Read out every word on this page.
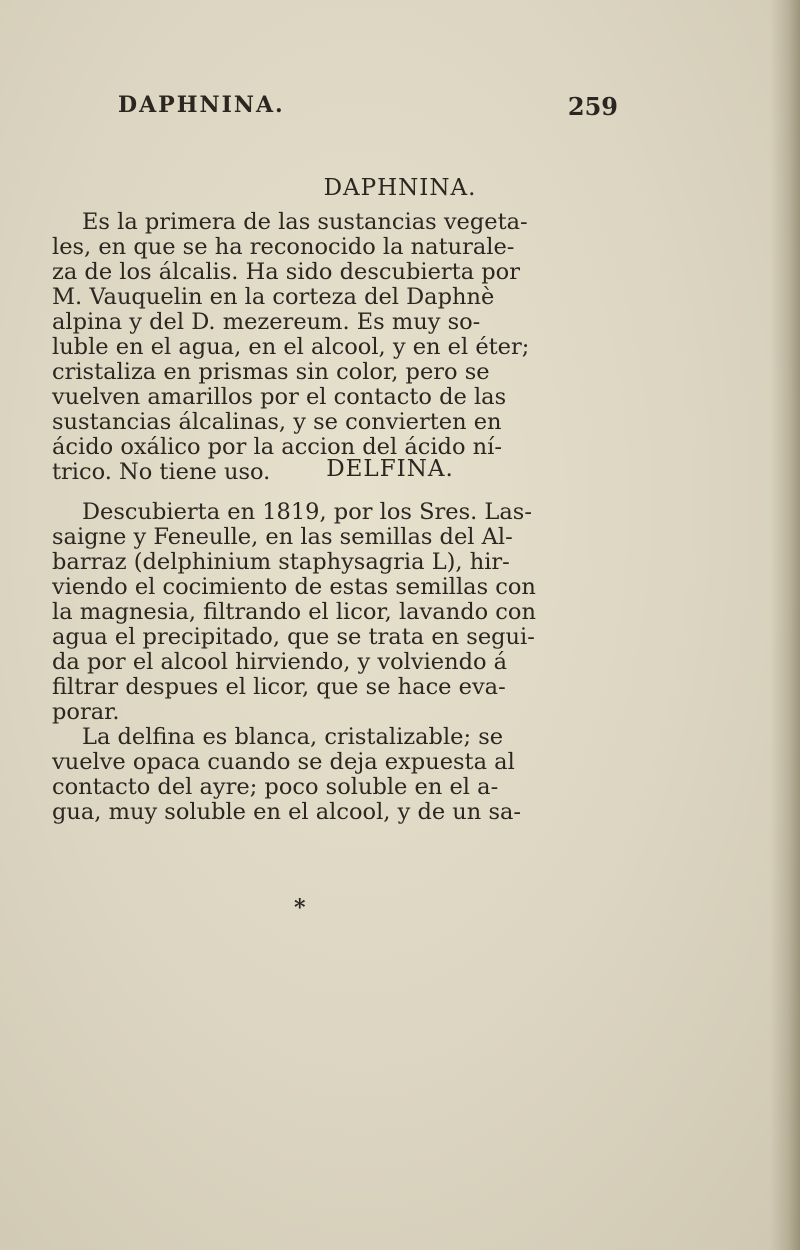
DAPHNINA.	259
DAPHNINA.
Es la primera de las sustancias vegeta-
les, en que se ha reconocido la naturale-
za de los álcalis. Ha sido descubierta por
M. Vauquelin en la corteza del Daphnè
alpina y del D. mezereum. Es muy so-
luble en el agua, en el alcool, y en el éter;
cristaliza en prismas sin color, pero se
vuelven amarillos por el contacto de las
sustancias álcalinas, y se convierten en
ácido oxálico por la accion del ácido ní-
trico. No tiene uso.	DELFINA.
Descubierta en 1819, por los Sres. Las-
saigne y Feneulle, en las semillas del Al-
barraz (delphinium staphysagria L), hir-
viendo el cocimiento de estas semillas con
la magnesia, filtrando el licor, lavando con
agua el precipitado, que se trata en segui-
da por el alcool hirviendo, y volviendo á
filtrar despues el licor, que se hace eva-
porar.
La delfina es blanca, cristalizable; se
vuelve opaca cuando se deja expuesta al
contacto del ayre; poco soluble en el a-
gua, muy soluble en el alcool, y de un sa-
*
